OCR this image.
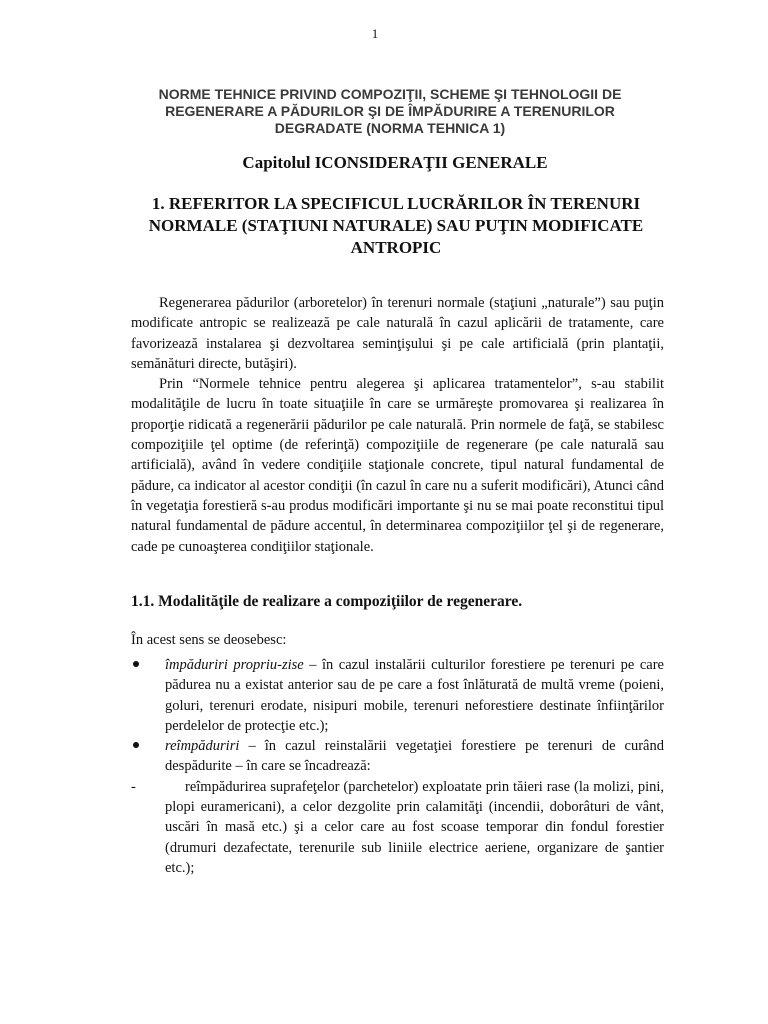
1
NORME TEHNICE PRIVIND COMPOZIŢII, SCHEME ŞI TEHNOLOGII DE
REGENERARE A PĂDURILOR ŞI DE ÎMPĂDURIRE A TERENURILOR
DEGRADATE (NORMA TEHNICA 1)
Capitolul ICONSIDERAŢII GENERALE
1. REFERITOR LA SPECIFICUL LUCRĂRILOR ÎN TERENURI
NORMALE (STAŢIUNI NATURALE) SAU PUŢIN MODIFICATE
ANTROPIC

Regenerarea pădurilor (arboretelor) în terenuri normale (staţiuni „naturale”) sau puţin modificate antropic se realizează pe cale naturală în cazul aplicării de tratamente, care favorizează instalarea şi dezvoltarea seminţişului şi pe cale artificială (prin plantaţii, semănături directe, butăşiri).

Prin “Normele tehnice pentru alegerea şi aplicarea tratamentelor”, s-au stabilit modalităţile de lucru în toate situaţiile în care se urmăreşte promovarea şi realizarea în proporţie ridicată a regenerării pădurilor pe cale naturală. Prin normele de faţă, se stabilesc compoziţiile ţel optime (de referinţă) compoziţiile de regenerare (pe cale naturală sau artificială), având în vedere condiţiile staţionale concrete, tipul natural fundamental de pădure, ca indicator al acestor condiţii (în cazul în care nu a suferit modificări), Atunci când în vegetaţia forestieră s-au produs modificări importante şi nu se mai poate reconstitui tipul natural fundamental de pădure accentul, în determinarea compoziţiilor ţel şi de regenerare, cade pe cunoaşterea condiţiilor staţionale.

1.1. Modalităţile de realizare a compoziţiilor de regenerare.
În acest sens se deosebesc:
împăduriri propriu-zise – în cazul instalării culturilor forestiere pe terenuri pe care pădurea nu a existat anterior sau de pe care a fost înlăturată de multă vreme (poieni, goluri, terenuri erodate, nisipuri mobile, terenuri neforestiere destinate înfiinţărilor perdelelor de protecţie etc.);
reîmpăduriri – în cazul reinstalării vegetaţiei forestiere pe terenuri de curând despădurite – în care se încadrează:
-	reîmpădurirea suprafeţelor (parchetelor) exploatate prin tăieri rase (la molizi, pini, plopi euramericani), a celor dezgolite prin calamităţi (incendii, doborâturi de vânt, uscări în masă etc.) şi a celor care au fost scoase temporar din fondul forestier (drumuri dezafectate, terenurile sub liniile electrice aeriene, organizare de şantier etc.);
